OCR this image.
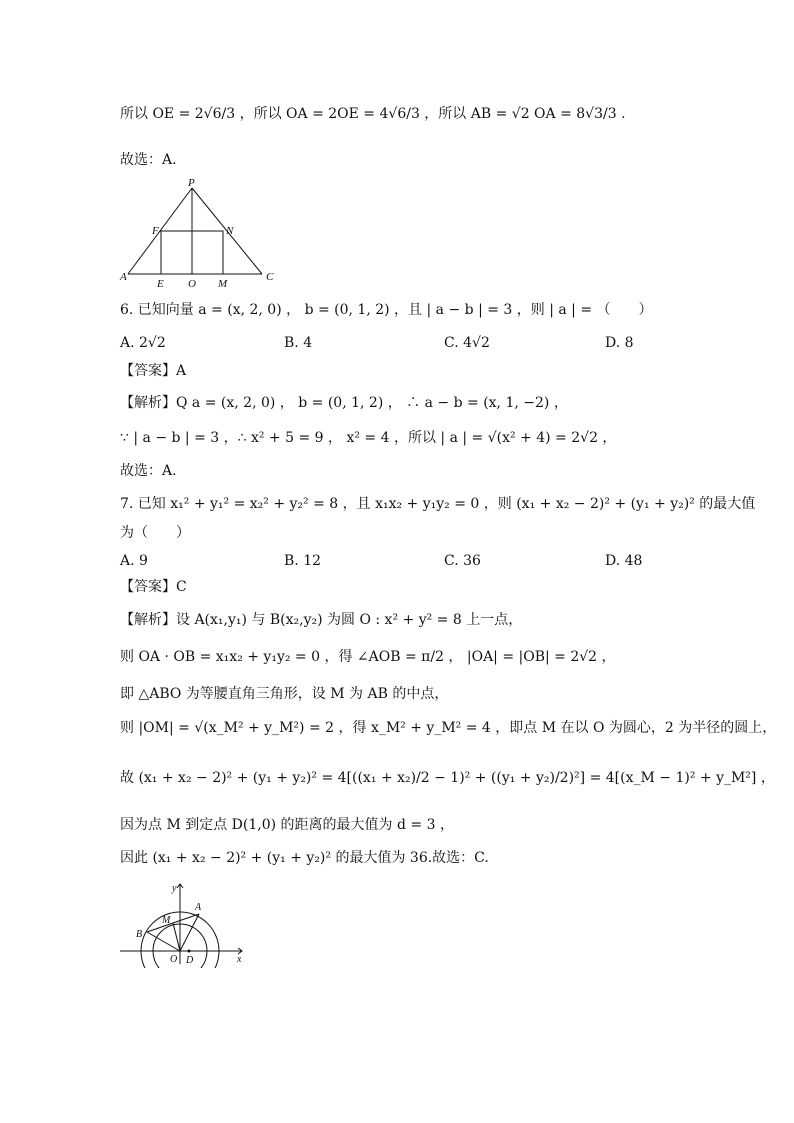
所以 OE = 2√6/3 ，所以 OA = 2OE = 4√6/3 ，所以 AB = √2 OA = 8√3/3 .
故选：A.
P
F	N
A
E O M
C
6. 已知向量 a = (x, 2, 0) ， b = (0, 1, 2) ，且 | a − b | = 3 ，则 | a | = （　　）
A. 2√2	B. 4	C. 4√2	D. 8
【答案】A
【解析】Q a = (x, 2, 0) ， b = (0, 1, 2) ， ∴ a − b = (x, 1, −2) ，
∵ | a − b | = 3 ，∴ x² + 5 = 9 ， x² = 4 ，所以 | a | = √(x² + 4) = 2√2 ，
故选：A.
7. 已知 x₁² + y₁² = x₂² + y₂² = 8 ，且 x₁x₂ + y₁y₂ = 0 ，则 (x₁ + x₂ − 2)² + (y₁ + y₂)² 的最大值
为（　　）
A. 9	B. 12	C. 36	D. 48
【答案】C
【解析】设 A(x₁,y₁) 与 B(x₂,y₂) 为圆 O : x² + y² = 8 上一点，
则 OA · OB = x₁x₂ + y₁y₂ = 0 ，得 ∠AOB = π/2 ， |OA| = |OB| = 2√2 ，
即 △ABO 为等腰直角三角形，设 M 为 AB 的中点，
则 |OM| = √(x_M² + y_M²) = 2 ，得 x_M² + y_M² = 4 ，即点 M 在以 O 为圆心，2 为半径的圆上，
故 (x₁ + x₂ − 2)² + (y₁ + y₂)² = 4[((x₁ + x₂)/2 − 1)² + ((y₁ + y₂)/2)²] = 4[(x_M − 1)² + y_M²] ，
因为点 M 到定点 D(1,0) 的距离的最大值为 d = 3 ，
因此 (x₁ + x₂ − 2)² + (y₁ + y₂)² 的最大值为 36.故选：C.
y
x
A
B
M
O D
